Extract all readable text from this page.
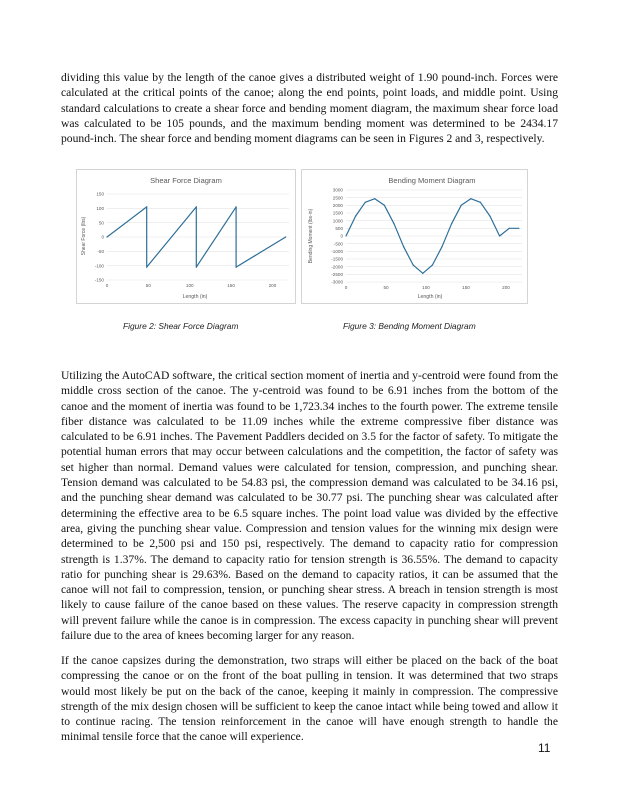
dividing this value by the length of the canoe gives a distributed weight of 1.90 pound-inch. Forces were calculated at the critical points of the canoe; along the end points, point loads, and middle point. Using standard calculations to create a shear force and bending moment diagram, the maximum shear force load was calculated to be 105 pounds, and the maximum bending moment was determined to be 2434.17 pound-inch. The shear force and bending moment diagrams can be seen in Figures 2 and 3, respectively.

Shear Force Diagram
Length (in)
Shear Force (lbs)
150
100
50
0
-50
-100
-150
0	50	100	150	200
Bending Moment Diagram
Length (in)
Bending Moment (lbs-in)
3000
2500
2000
1500
1000
500
0
-500
-1000
-1500
-2000
-2500
-3000
0	50	100	150	200
Figure 2: Shear Force Diagram	Figure 3: Bending Moment Diagram

Utilizing the AutoCAD software, the critical section moment of inertia and y-centroid were found from the middle cross section of the canoe. The y-centroid was found to be 6.91 inches from the bottom of the canoe and the moment of inertia was found to be 1,723.34 inches to the fourth power. The extreme tensile fiber distance was calculated to be 11.09 inches while the extreme compressive fiber distance was calculated to be 6.91 inches. The Pavement Paddlers decided on 3.5 for the factor of safety. To mitigate the potential human errors that may occur between calculations and the competition, the factor of safety was set higher than normal. Demand values were calculated for tension, compression, and punching shear. Tension demand was calculated to be 54.83 psi, the compression demand was calculated to be 34.16 psi, and the punching shear demand was calculated to be 30.77 psi. The punching shear was calculated after determining the effective area to be 6.5 square inches. The point load value was divided by the effective area, giving the punching shear value. Compression and tension values for the winning mix design were determined to be 2,500 psi and 150 psi, respectively. The demand to capacity ratio for compression strength is 1.37%. The demand to capacity ratio for tension strength is 36.55%. The demand to capacity ratio for punching shear is 29.63%. Based on the demand to capacity ratios, it can be assumed that the canoe will not fail to compression, tension, or punching shear stress. A breach in tension strength is most likely to cause failure of the canoe based on these values. The reserve capacity in compression strength will prevent failure while the canoe is in compression. The excess capacity in punching shear will prevent failure due to the area of knees becoming larger for any reason.

If the canoe capsizes during the demonstration, two straps will either be placed on the back of the boat compressing the canoe or on the front of the boat pulling in tension. It was determined that two straps would most likely be put on the back of the canoe, keeping it mainly in compression. The compressive strength of the mix design chosen will be sufficient to keep the canoe intact while being towed and allow it to continue racing. The tension reinforcement in the canoe will have enough strength to handle the minimal tensile force that the canoe will experience.

11
